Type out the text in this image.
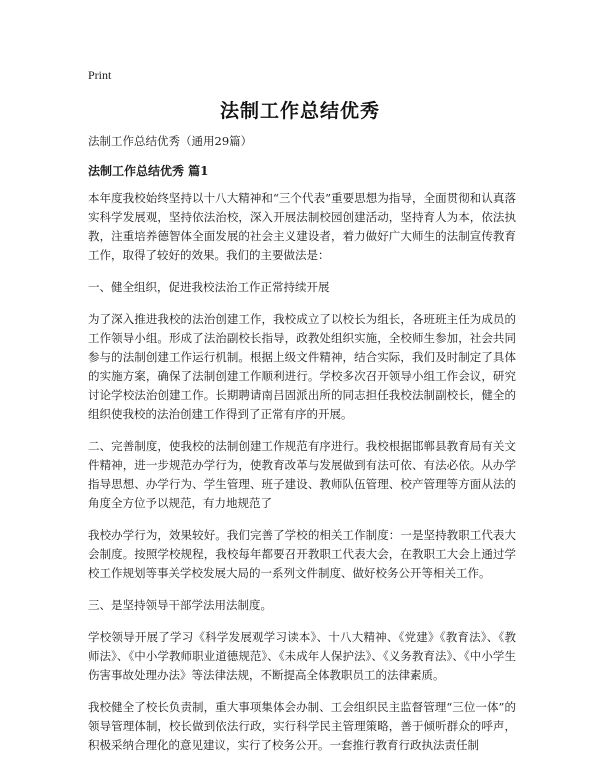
Print
法制工作总结优秀

法制工作总结优秀（通用29篇）

法制工作总结优秀 篇1

本年度我校始终坚持以十八大精神和“三个代表”重要思想为指导，全面贯彻和认真落实科学发展观，坚持依法治校，深入开展法制校园创建活动，坚持育人为本，依法执教，注重培养德智体全面发展的社会主义建设者，着力做好广大师生的法制宣传教育工作，取得了较好的效果。我们的主要做法是：

一、健全组织，促进我校法治工作正常持续开展

为了深入推进我校的法治创建工作，我校成立了以校长为组长，各班班主任为成员的工作领导小组。形成了法治副校长指导，政教处组织实施，全校师生参加，社会共同参与的法制创建工作运行机制。根据上级文件精神，结合实际，我们及时制定了具体的实施方案，确保了法制创建工作顺利进行。学校多次召开领导小组工作会议，研究讨论学校法治创建工作。长期聘请南吕固派出所的同志担任我校法制副校长，健全的组织使我校的法治创建工作得到了正常有序的开展。

二、完善制度，使我校的法制创建工作规范有序进行。我校根据邯郸县教育局有关文件精神，进一步规范办学行为，使教育改革与发展做到有法可依、有法必依。从办学指导思想、办学行为、学生管理、班子建设、教师队伍管理、校产管理等方面从法的角度全方位予以规范，有力地规范了

我校办学行为，效果较好。我们完善了学校的相关工作制度：一是坚持教职工代表大会制度。按照学校规程，我校每年都要召开教职工代表大会，在教职工大会上通过学校工作规划等事关学校发展大局的一系列文件制度、做好校务公开等相关工作。

三、是坚持领导干部学法用法制度。

学校领导开展了学习《科学发展观学习读本》、十八大精神、《党建》《教育法》、《教师法》、《中小学教师职业道德规范》、《未成年人保护法》、《义务教育法》、《中小学生伤害事故处理办法》等法律法规，不断提高全体教职员工的法律素质。

我校健全了校长负责制，重大事项集体会办制、工会组织民主监督管理“三位一体”的领导管理体制，校长做到依法行政，实行科学民主管理策略，善于倾听群众的呼声，积极采纳合理化的意见建议，实行了校务公开。一套推行教育行政执法责任制
